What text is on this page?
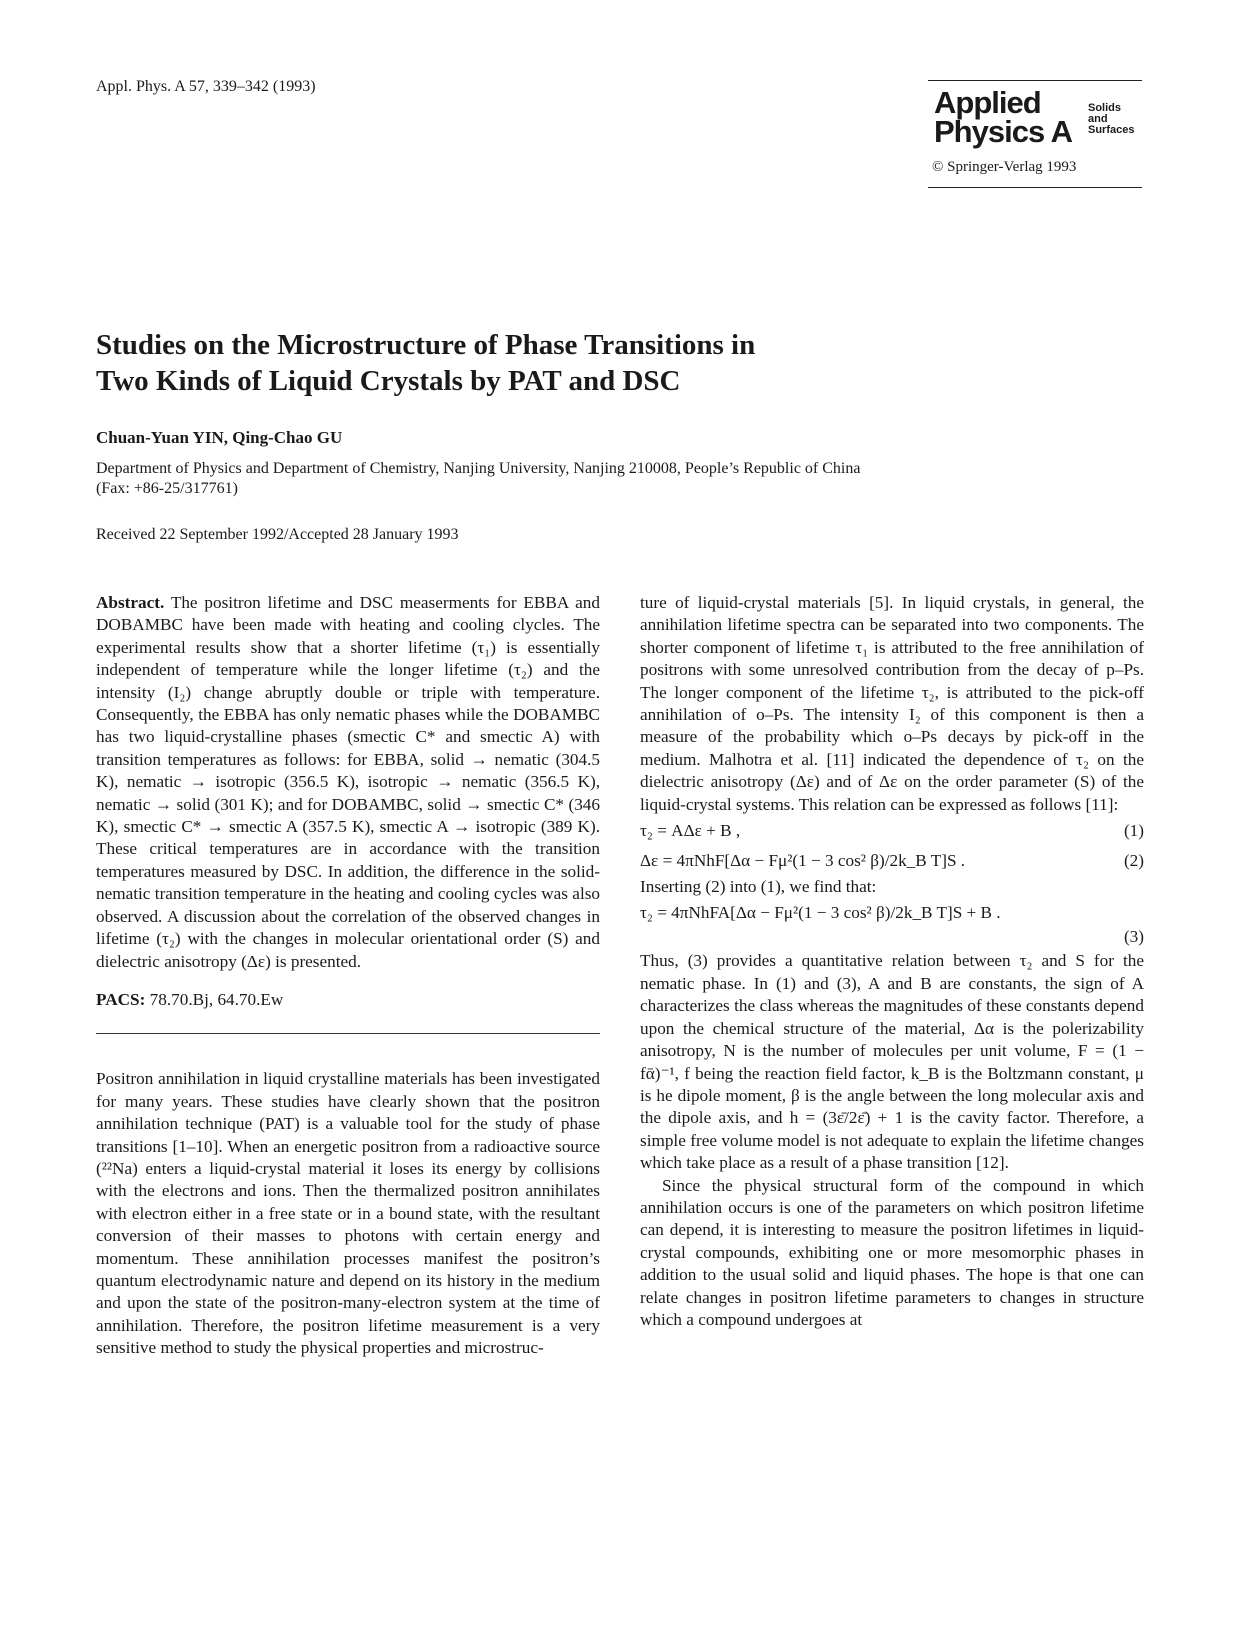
Appl. Phys. A 57, 339–342 (1993)	Applied
Physics A
Solids
and
Surfaces
© Springer-Verlag 1993
Studies on the Microstructure of Phase Transitions in
Two Kinds of Liquid Crystals by PAT and DSC
Chuan-Yuan YIN, Qing-Chao GU
Department of Physics and Department of Chemistry, Nanjing University, Nanjing 210008, People’s Republic of China
(Fax: +86-25/317761)
Received 22 September 1992/Accepted 28 January 1993

Abstract. The positron lifetime and DSC measerments for EBBA and DOBAMBC have been made with heating and cooling clycles. The experimental results show that a shorter lifetime (τ₁) is essentially independent of temperature while the longer lifetime (τ₂) and the intensity (I₂) change abruptly double or triple with temperature. Consequently, the EBBA has only nematic phases while the DOBAMBC has two liquid-crystalline phases (smectic C* and smectic A) with transition temperatures as follows: for EBBA, solid → nematic (304.5 K), nematic → isotropic (356.5 K), isotropic → nematic (356.5 K), nematic → solid (301 K); and for DOBAMBC, solid → smectic C* (346 K), smectic C* → smectic A (357.5 K), smectic A → isotropic (389 K). These critical temperatures are in accordance with the transition temperatures measured by DSC. In addition, the difference in the solid-nematic transition temperature in the heating and cooling cycles was also observed. A discussion about the correlation of the observed changes in lifetime (τ₂) with the changes in molecular orientational order (S) and dielectric anisotropy (Δε) is presented.

PACS: 78.70.Bj, 64.70.Ew

Positron annihilation in liquid crystalline materials has been investigated for many years. These studies have clearly shown that the positron annihilation technique (PAT) is a valuable tool for the study of phase transitions [1–10]. When an energetic positron from a radioactive source (²²Na) enters a liquid-crystal material it loses its energy by collisions with the electrons and ions. Then the thermalized positron annihilates with electron either in a free state or in a bound state, with the resultant conversion of their masses to photons with certain energy and momentum. These annihilation processes manifest the positron’s quantum electrodynamic nature and depend on its history in the medium and upon the state of the positron-many-electron system at the time of annihilation. Therefore, the positron lifetime measurement is a very sensitive method to study the physical properties and microstruc-

ture of liquid-crystal materials [5]. In liquid crystals, in general, the annihilation lifetime spectra can be separated into two components. The shorter component of lifetime τ₁ is attributed to the free annihilation of positrons with some unresolved contribution from the decay of p–Ps. The longer component of the lifetime τ₂, is attributed to the pick-off annihilation of o–Ps. The intensity I₂ of this component is then a measure of the probability which o–Ps decays by pick-off in the medium. Malhotra et al. [11] indicated the dependence of τ₂ on the dielectric anisotropy (Δε) and of Δε on the order parameter (S) of the liquid-crystal systems. This relation can be expressed as follows [11]:

τ₂ = AΔε + B ,	(1)
Δε = 4πNhF[Δα − Fμ²(1 − 3 cos² β)/2k_B T]S .	(2)

Inserting (2) into (1), we find that:

τ₂ = 4πNhFA[Δα − Fμ²(1 − 3 cos² β)/2k_B T]S + B .
(3)

Thus, (3) provides a quantitative relation between τ₂ and S for the nematic phase. In (1) and (3), A and B are constants, the sign of A characterizes the class whereas the magnitudes of these constants depend upon the chemical structure of the material, Δα is the polerizability anisotropy, N is the number of molecules per unit volume, F = (1 − fᾱ)⁻¹, f being the reaction field factor, k_B is the Boltzmann constant, μ is he dipole moment, β is the angle between the long molecular axis and the dipole axis, and h = (3ε̄/2ε̄) + 1 is the cavity factor. Therefore, a simple free volume model is not adequate to explain the lifetime changes which take place as a result of a phase transition [12].

Since the physical structural form of the compound in which annihilation occurs is one of the parameters on which positron lifetime can depend, it is interesting to measure the positron lifetimes in liquid-crystal compounds, exhibiting one or more mesomorphic phases in addition to the usual solid and liquid phases. The hope is that one can relate changes in positron lifetime parameters to changes in structure which a compound undergoes at
